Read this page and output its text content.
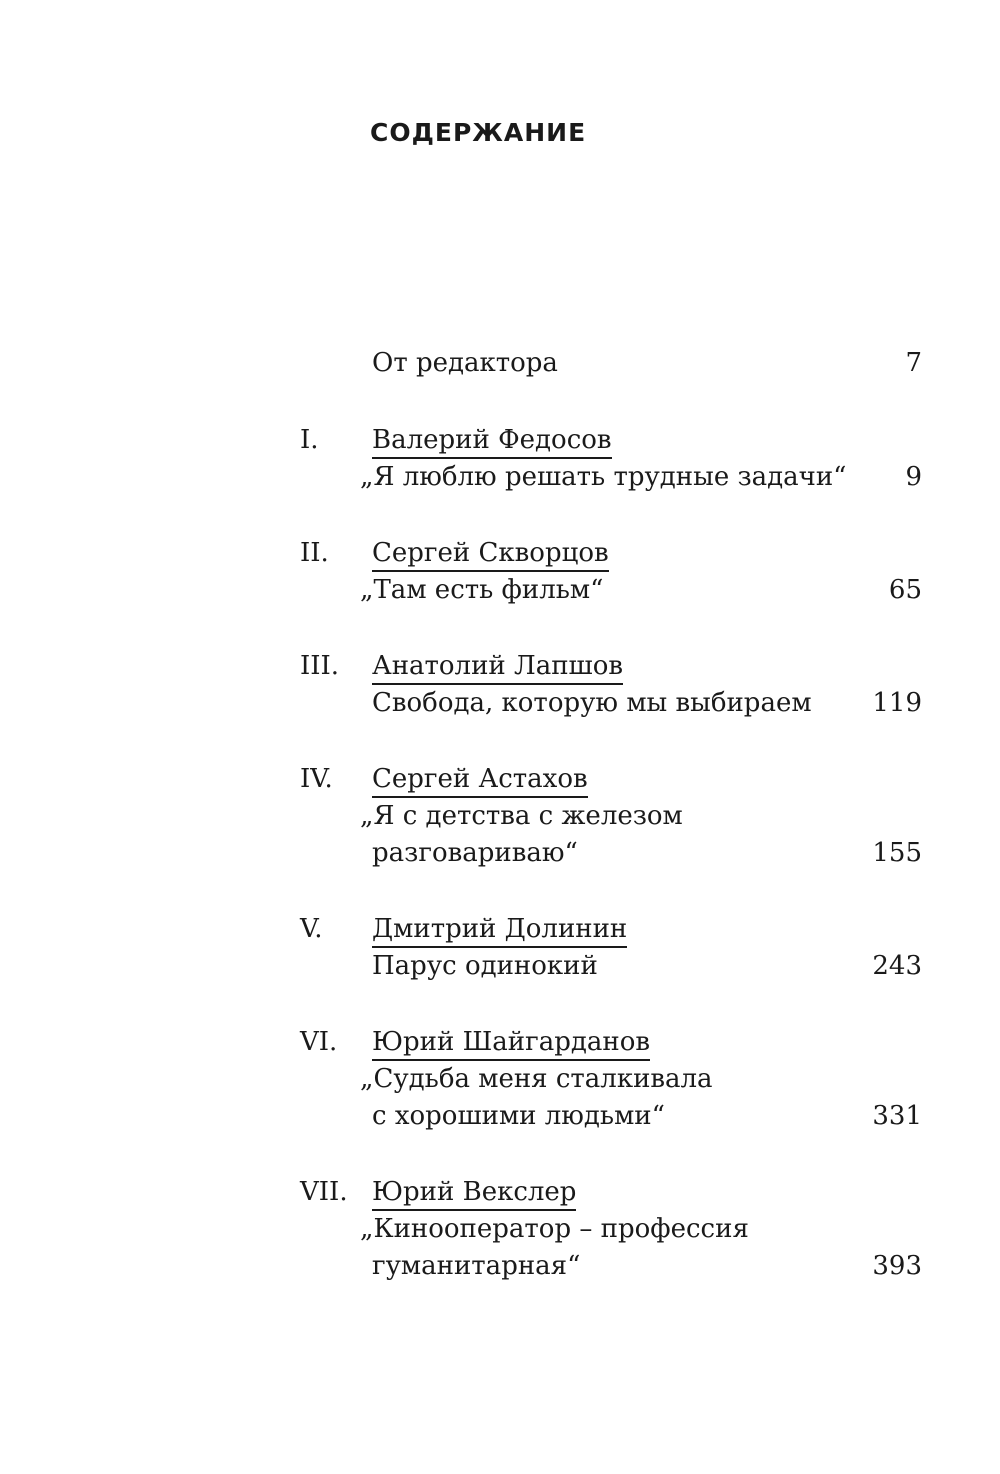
СОДЕРЖАНИЕ
От редактора	7
I. Валерий Федосов
„Я люблю решать трудные задачи“ 9
II. Сергей Скворцов
„Там есть фильм“	65
III. Анатолий Лапшов
Свобода, которую мы выбираем 119
IV. Сергей Астахов
„Я с детства с железом
разговариваю“	155
V. Дмитрий Долинин
Парус одинокий	243
VI. Юрий Шайгарданов
„Судьба меня сталкивала
с хорошими людьми“	331
VII. Юрий Векслер
„Кинооператор – профессия
гуманитарная“	393
